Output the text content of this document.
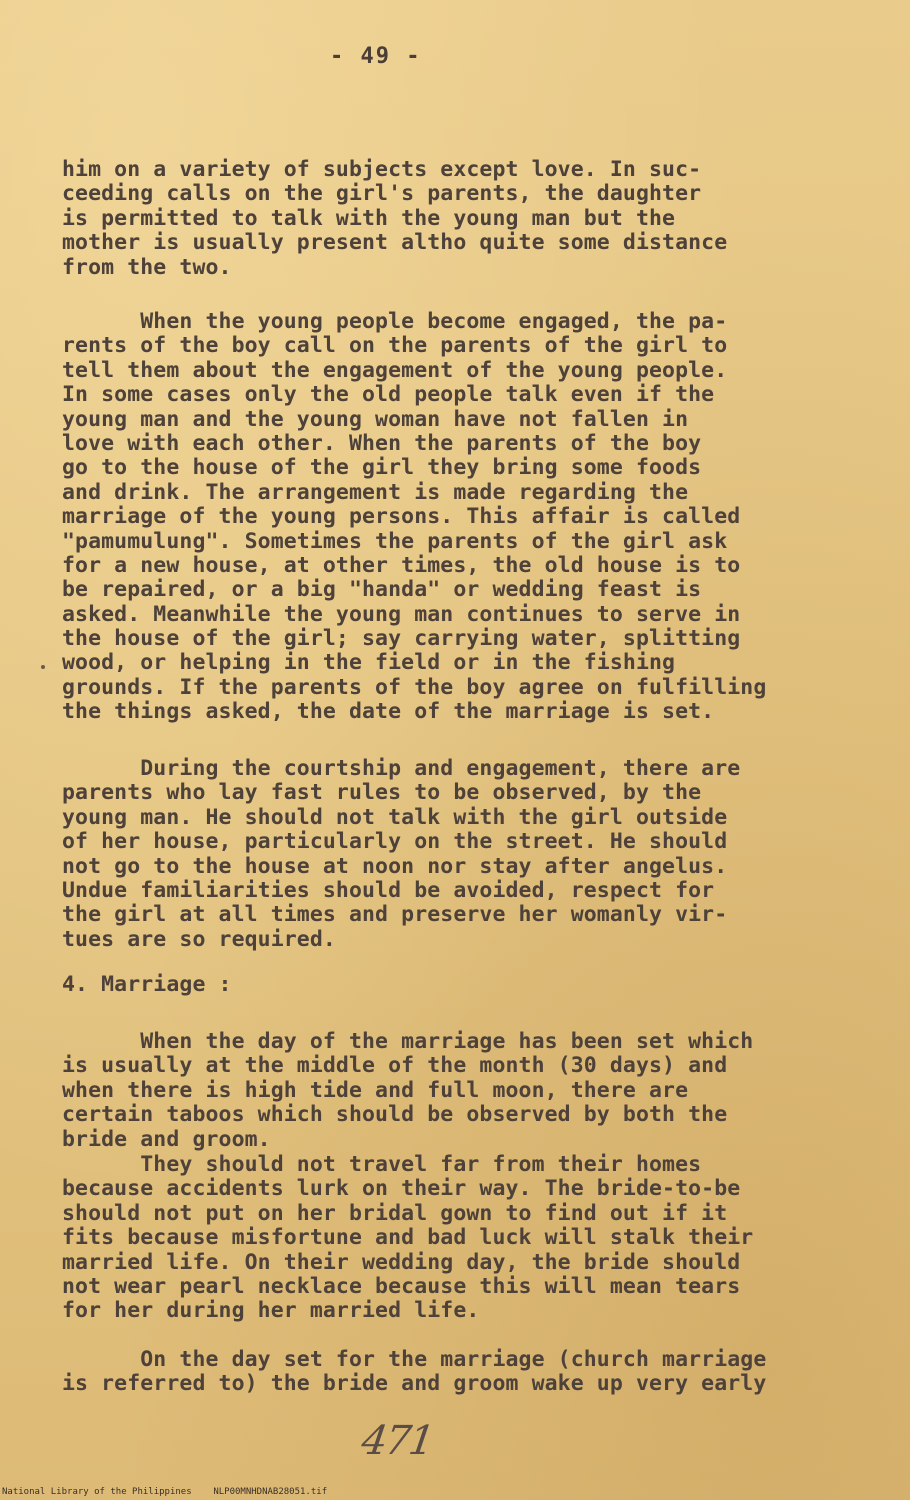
- 49 -
him on a variety of subjects except love. In suc-
ceeding calls on the girl's parents, the daughter
is permitted to talk with the young man but the
mother is usually present altho quite some distance
from the two.
When the young people become engaged, the pa-
rents of the boy call on the parents of the girl to
tell them about the engagement of the young people.
In some cases only the old people talk even if the
young man and the young woman have not fallen in
love with each other. When the parents of the boy
go to the house of the girl they bring some foods
and drink. The arrangement is made regarding the
marriage of the young persons. This affair is called
"pamumulung". Sometimes the parents of the girl ask
for a new house, at other times, the old house is to
be repaired, or a big "handa" or wedding feast is
asked. Meanwhile the young man continues to serve in
the house of the girl; say carrying water, splitting
wood, or helping in the field or in the fishing
grounds. If the parents of the boy agree on fulfilling
the things asked, the date of the marriage is set.
During the courtship and engagement, there are
parents who lay fast rules to be observed, by the
young man. He should not talk with the girl outside
of her house, particularly on the street. He should
not go to the house at noon nor stay after angelus.
Undue familiarities should be avoided, respect for
the girl at all times and preserve her womanly vir-
tues are so required.
4. Marriage :
When the day of the marriage has been set which
is usually at the middle of the month (30 days) and
when there is high tide and full moon, there are
certain taboos which should be observed by both the
bride and groom.
They should not travel far from their homes
because accidents lurk on their way. The bride-to-be
should not put on her bridal gown to find out if it
fits because misfortune and bad luck will stalk their
married life. On their wedding day, the bride should
not wear pearl necklace because this will mean tears
for her during her married life.
On the day set for the marriage (church marriage
is referred to) the bride and groom wake up very early
471
National Library of the Philippines    NLP00MNHDNAB28051.tif
